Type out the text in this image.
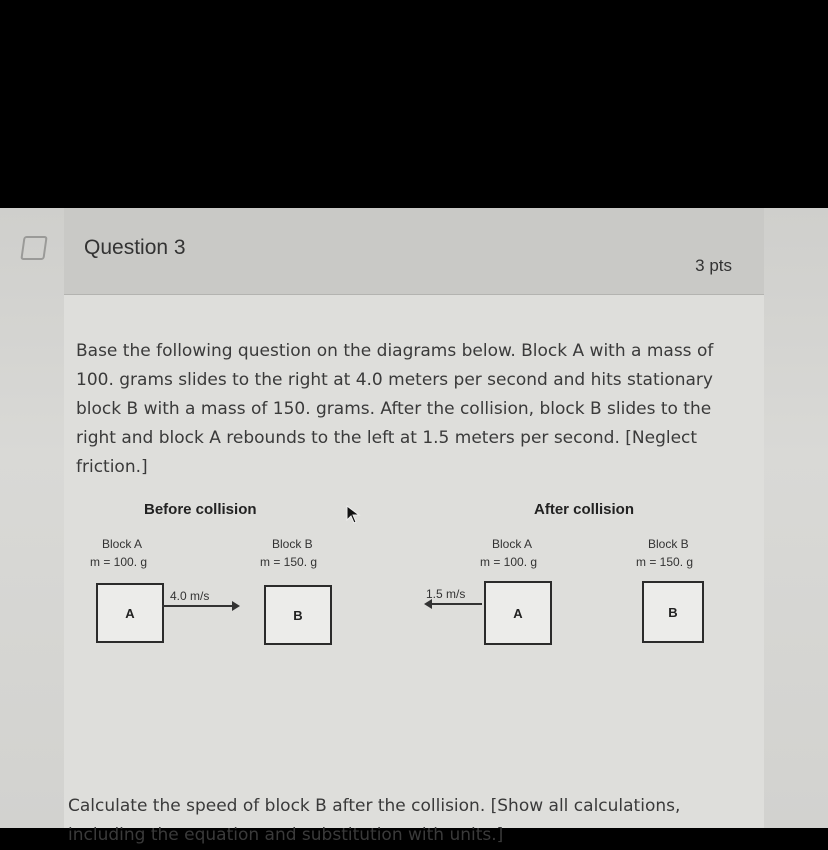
Question 3
3 pts
Base the following question on the diagrams below. Block A with a mass of 100. grams slides to the right at 4.0 meters per second and hits stationary block B with a mass of 150. grams. After the collision, block B slides to the right and block A rebounds to the left at 1.5 meters per second. [Neglect friction.]
Before collision
Block A
m = 100. g
A
4.0 m/s
Block B
m = 150. g
B
After collision
Block A
m = 100. g
1.5 m/s
A
Block B
m = 150. g
B
Calculate the speed of block B after the collision. [Show all calculations, including the equation and substitution with units.]
